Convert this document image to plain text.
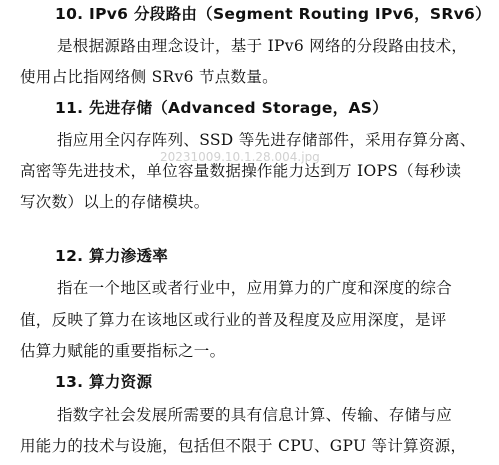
10. IPv6 分段路由（Segment Routing IPv6，SRv6）
是根据源路由理念设计，基于 IPv6 网络的分段路由技术，
使用占比指网络侧 SRv6 节点数量。
11. 先进存储（Advanced Storage，AS）
指应用全闪存阵列、SSD 等先进存储部件，采用存算分离、
高密等先进技术，单位容量数据操作能力达到万 IOPS（每秒读
写次数）以上的存储模块。
20231009.10.1.28.004.jpg
12. 算力渗透率
指在一个地区或者行业中，应用算力的广度和深度的综合
值，反映了算力在该地区或行业的普及程度及应用深度，是评
估算力赋能的重要指标之一。
13. 算力资源
指数字社会发展所需要的具有信息计算、传输、存储与应
用能力的技术与设施，包括但不限于 CPU、GPU 等计算资源，
